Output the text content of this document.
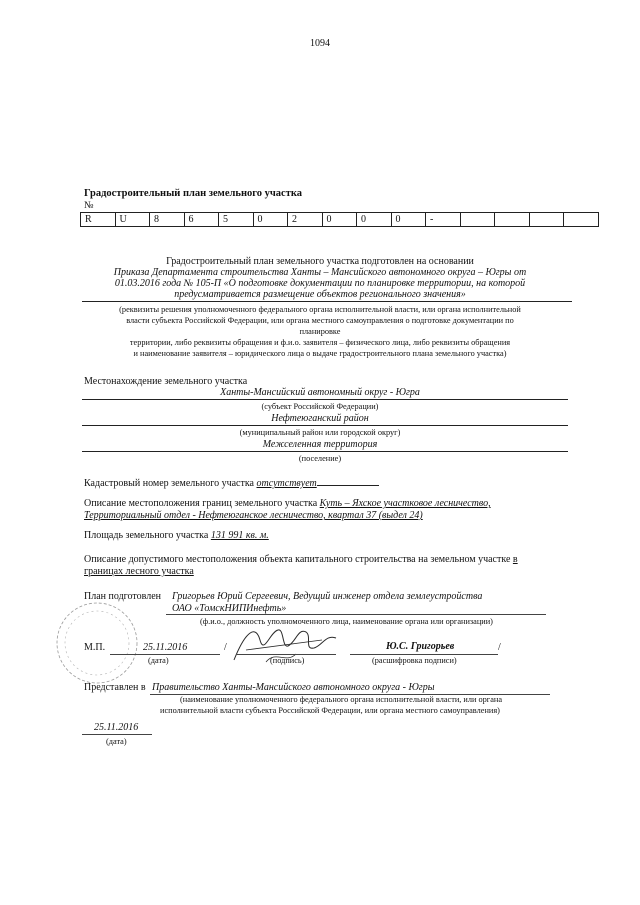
1094
Градостроительный план земельного участка
№
R	U	8	6	5	0	2	0	0	0	-				
Градостроительный план земельного участка подготовлен на основании
Приказа Департамента строительства Ханты – Мансийского автономного округа – Югры от
01.03.2016 года № 105-П «О подготовке документации по планировке территории, на которой
предусматривается размещение объектов регионального значения»
(реквизиты решения уполномоченного федерального органа исполнительной власти, или органа исполнительной
власти субъекта Российской Федерации, или органа местного самоуправления о подготовке документации по
планировке
территории, либо реквизиты обращения и ф.и.о. заявителя – физического лица, либо реквизиты обращения
и наименование заявителя – юридического лица о выдаче градостроительного плана земельного участка)
Местонахождение земельного участка
Ханты-Мансийский автономный округ - Югра
(субъект Российской Федерации)
Нефтеюганский район
(муниципальный район или городской округ)
Межселенная территория
(поселение)
Кадастровый номер земельного участка отсутствует
Описание местоположения границ земельного участка Куть – Яхское участковое лесничество,
Территориальный отдел - Нефтеюганское лесничество, квартал 37 (выдел 24)
Площадь земельного участка 131 991 кв. м.
Описание допустимого местоположения объекта капитального строительства на земельном участке в
границах лесного участка
План подготовлен Григорьев Юрий Сергеевич, Ведущий инженер отдела землеустройства
ОАО «ТомскНИПИнефть»
(ф.и.о., должность уполномоченного лица, наименование органа или организации)
М.П.	25.11.2016	/	Ю.С. Григорьев	/
(дата)	(подпись)	(расшифровка подписи)
Представлен в Правительство Ханты-Мансийского автономного округа - Югры
(наименование уполномоченного федерального органа исполнительной власти, или органа
исполнительной власти субъекта Российской Федерации, или органа местного самоуправления)
25.11.2016
(дата)
